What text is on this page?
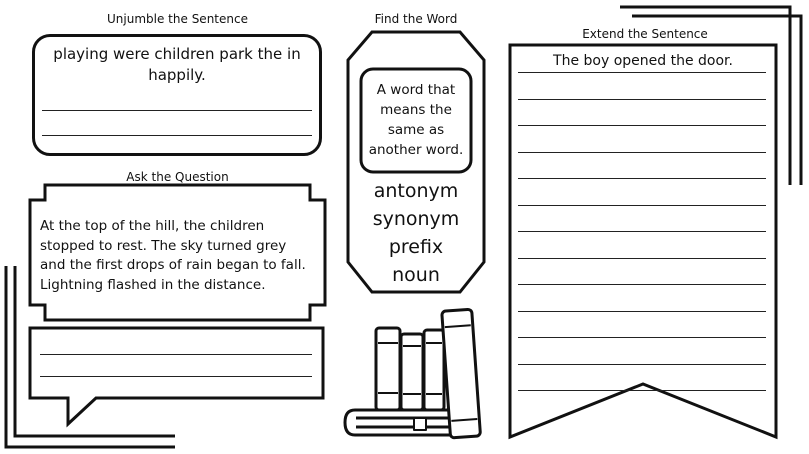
Unjumble the Sentence
playing were children park the in happily.
Ask the Question
At the top of the hill, the children stopped to rest. The sky turned grey and the first drops of rain began to fall. Lightning flashed in the distance.
Find the Word
A word that means the same as another word.
antonym
synonym
prefix
noun
Extend the Sentence
The boy opened the door.
